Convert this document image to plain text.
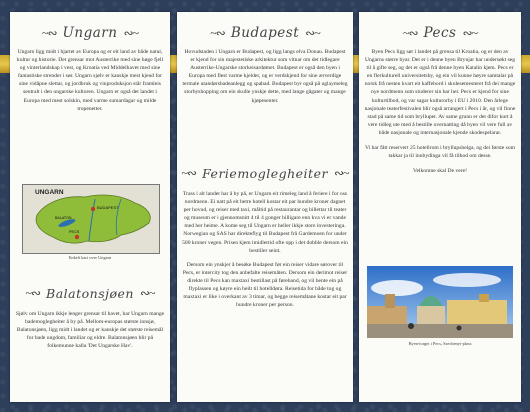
~∾ Ungarn ∾~

Ungarn ligg midt i hjartet av Europa og er eit land av både natur, kultur og historie. Det grensar mot Austerrike med sine høge fjell og vinterlandskap i vest, og Kroatia ved Middelhavet med sine fantastiske strender i sør. Ungarn sjølv er kanskje mest kjend for sine vidåpne slettar, og jordbruk og vinproduksjon står framleis sentralt i den ungarske kulturen. Ungarn er også det landet i Europa med mest solskin, med varme sumardagar og milde tropenetter.

UNGARN
BUDAPEST
BALATON
PECS

Enkelt kart over Ungarn

~∾ Balatonsjøen ∾~

Sjølv om Ungarn ikkje lenger grensar til havet, har Ungarn mange bademoglegheiter å by på. Mellom-europas største innsjø, Balatonsjøen, ligg midt i landet og er kanskje det største reisemål for bade ungdom, familiar og eldre. Balatonsjøen blir på folkemunne kalla 'Det Ungarske Hav'.

~∾ Budapest ∾~

Hovudstaden i Ungarn er Budapest, og ligg langs elva Donau. Budapest er kjend for sin majestetiske arkitektur som vitnar om det tidlegare Austerrike-Ungarske storkeisardømet. Budapest er også den byen i Europa med flest varme kjelder, og er verdskjend for sine ærverdige termale utandørsbadeanlegg og spabad. Budapest byr også på uglaymeleg storbyshopping om ein skulle ynskje dette, med lange gågater og mange kjøpesenter.

~∾ Feriemoglegheiter ∾~

Trass i alt landet har å by på, er Ungarn eit rimeleg land å feriere i for oss nordmenn. Ei natt på eit betre hotell kostar eit par hundre kroner dagnet per hovud, og reiser med taxi, måltid på restaurantar og billettar til teater og museum er i gjennomsnitt 4 til 4 gonger billigare enn kva vi er vande med her heime. A kome seg til Ungarn er heller ikkje store investeringa. Norwegian og SAS har direkteflyg til Budapest frå Gardemoen for under 500 kroner vegen. Prisen kjem imidlertid ofte opp i det dobble dersom ein bestiller seint.

Dersom ein ynskjer å besøke Budapest før ein reiser vidare sørover til Pecs, er intercity tog den anbefalte reisemåten. Dersom ein derimot reiser direkte til Pecs kan maxtaxi bestillast på førehand, og vil hente ein på flyplassen og køyre ein heilt til hotelldøra. Reisetida for både tog og maxtaxi er like i overkant av 3 timar, og begge reisemåtane kostar eit par hundre kroner per person.

~∾ Pecs ∾~

Byen Pecs ligg sør i landet på grensa til Kroatia, og er den av Ungarns større byar. Det er i denne byen Brynjar har undersøkt seg til å gifte seg, og det er også frå denne byen Katalin kjem. Pecs er en flerkulturell universitetsby, og ein vil kunne høyre samtalar på norsk frå nesten kvart eit kaffebord i skulesemesteret frå dei mange nye nordmenn som studerer sin bar her. Pecs er kjend for sine kulturtilbod, og var sagar kulturorby i EU i 2010. Den årlege nasjonale teaterfestivalen blir også arrangert i Pecs i år, og vil finne stad på same tid som bryllupet. Av same grunn er det difor kurt å vere tidleg ute med å bestille overnatting då byen vil vere full av både nasjonale og internasjonale kjende skodespelarar.

Vi har fått reservert 25 hotellrom i bryllupshelga, og dei første som takkar ja til innbydinga vil få tilbod om desse.

Velkomne skal De vere!

Byen-torget i Pecs, Szechenyi-plass
